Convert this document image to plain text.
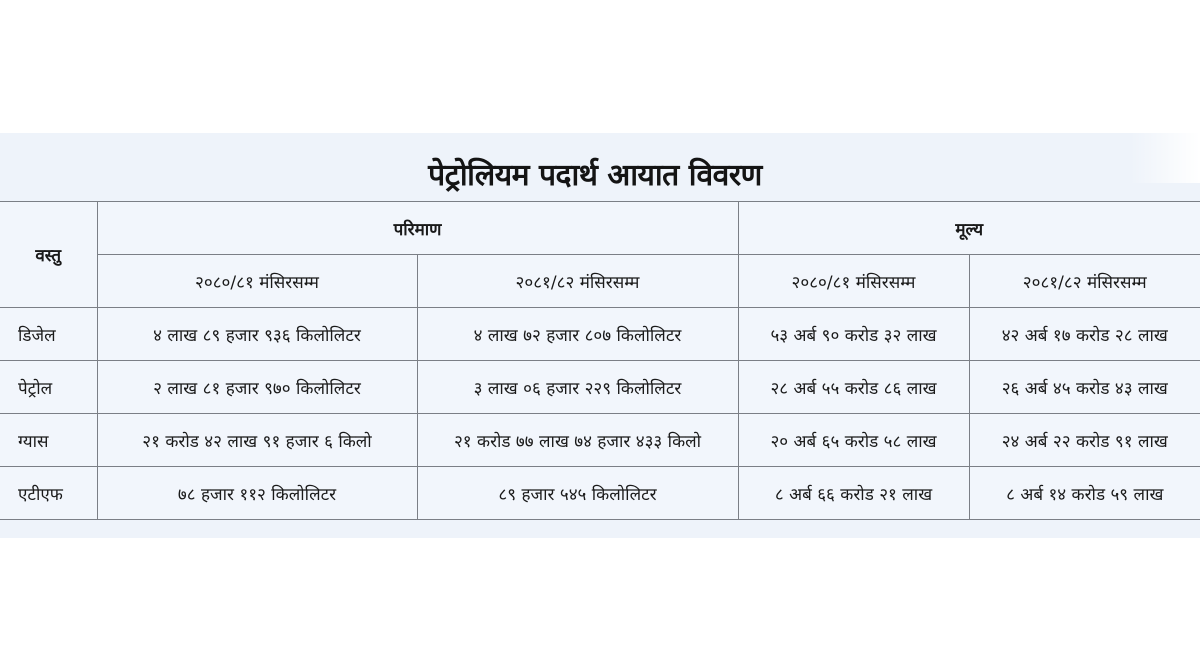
पेट्रोलियम पदार्थ आयात विवरण
वस्तु	परिमाण		मूल्य	
	२०८०/८१ मंसिरसम्म	२०८१/८२ मंसिरसम्म	२०८०/८१ मंसिरसम्म	२०८१/८२ मंसिरसम्म
डिजेल	४ लाख ८९ हजार ९३६ किलोलिटर	४ लाख ७२ हजार ८०७ किलोलिटर	५३ अर्ब ९० करोड ३२ लाख	४२ अर्ब १७ करोड २८ लाख
पेट्रोल	२ लाख ८१ हजार ९७० किलोलिटर	३ लाख ०६ हजार २२९ किलोलिटर	२८ अर्ब ५५ करोड ८६ लाख	२६ अर्ब ४५ करोड ४३ लाख
ग्यास	२१ करोड ४२ लाख ९१ हजार ६ किलो	२१ करोड ७७ लाख ७४ हजार ४३३ किलो	२० अर्ब ६५ करोड ५८ लाख	२४ अर्ब २२ करोड ९१ लाख
एटीएफ	७८ हजार ११२ किलोलिटर	८९ हजार ५४५ किलोलिटर	८ अर्ब ६६ करोड २१ लाख	८ अर्ब १४ करोड ५९ लाख
